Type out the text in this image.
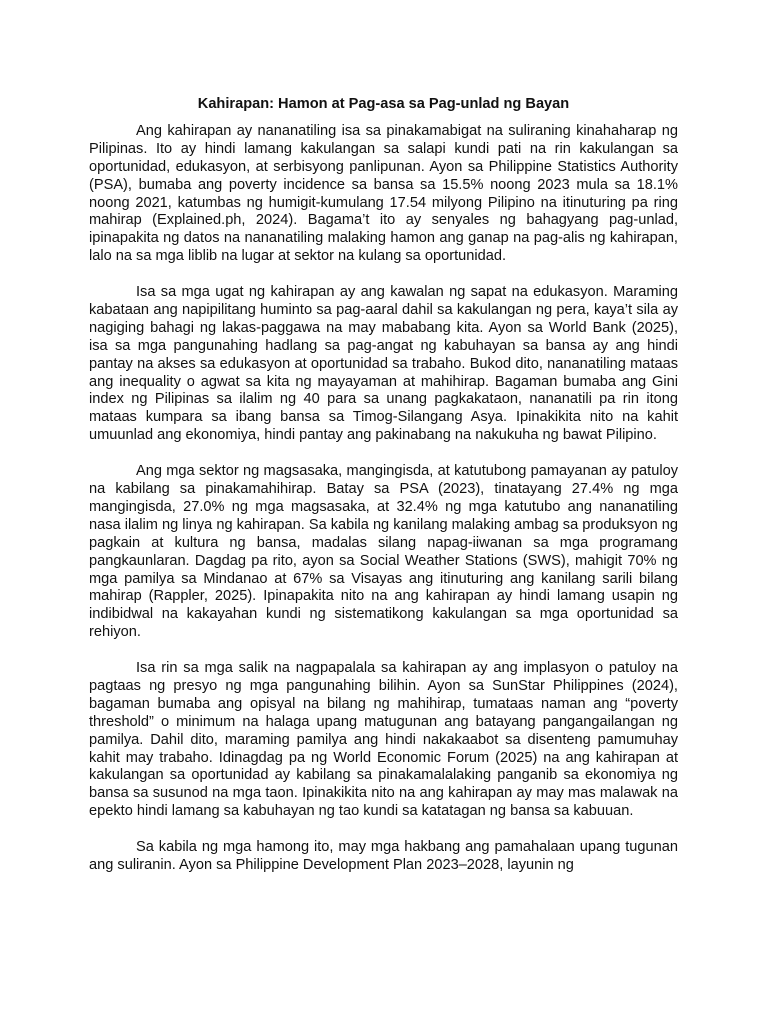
Kahirapan: Hamon at Pag-asa sa Pag-unlad ng Bayan

Ang kahirapan ay nananatiling isa sa pinakamabigat na suliraning kinahaharap ng Pilipinas. Ito ay hindi lamang kakulangan sa salapi kundi pati na rin kakulangan sa oportunidad, edukasyon, at serbisyong panlipunan. Ayon sa Philippine Statistics Authority (PSA), bumaba ang poverty incidence sa bansa sa 15.5% noong 2023 mula sa 18.1% noong 2021, katumbas ng humigit-kumulang 17.54 milyong Pilipino na itinuturing pa ring mahirap (Explained.ph, 2024). Bagama’t ito ay senyales ng bahagyang pag-unlad, ipinapakita ng datos na nananatiling malaking hamon ang ganap na pag-alis ng kahirapan, lalo na sa mga liblib na lugar at sektor na kulang sa oportunidad.

Isa sa mga ugat ng kahirapan ay ang kawalan ng sapat na edukasyon. Maraming kabataan ang napipilitang huminto sa pag-aaral dahil sa kakulangan ng pera, kaya’t sila ay nagiging bahagi ng lakas-paggawa na may mababang kita. Ayon sa World Bank (2025), isa sa mga pangunahing hadlang sa pag-angat ng kabuhayan sa bansa ay ang hindi pantay na akses sa edukasyon at oportunidad sa trabaho. Bukod dito, nananatiling mataas ang inequality o agwat sa kita ng mayayaman at mahihirap. Bagaman bumaba ang Gini index ng Pilipinas sa ilalim ng 40 para sa unang pagkakataon, nananatili pa rin itong mataas kumpara sa ibang bansa sa Timog-Silangang Asya. Ipinakikita nito na kahit umuunlad ang ekonomiya, hindi pantay ang pakinabang na nakukuha ng bawat Pilipino.

Ang mga sektor ng magsasaka, mangingisda, at katutubong pamayanan ay patuloy na kabilang sa pinakamahihirap. Batay sa PSA (2023), tinatayang 27.4% ng mga mangingisda, 27.0% ng mga magsasaka, at 32.4% ng mga katutubo ang nananatiling nasa ilalim ng linya ng kahirapan. Sa kabila ng kanilang malaking ambag sa produksyon ng pagkain at kultura ng bansa, madalas silang napag-iiwanan sa mga programang pangkaunlaran. Dagdag pa rito, ayon sa Social Weather Stations (SWS), mahigit 70% ng mga pamilya sa Mindanao at 67% sa Visayas ang itinuturing ang kanilang sarili bilang mahirap (Rappler, 2025). Ipinapakita nito na ang kahirapan ay hindi lamang usapin ng indibidwal na kakayahan kundi ng sistematikong kakulangan sa mga oportunidad sa rehiyon.

Isa rin sa mga salik na nagpapalala sa kahirapan ay ang implasyon o patuloy na pagtaas ng presyo ng mga pangunahing bilihin. Ayon sa SunStar Philippines (2024), bagaman bumaba ang opisyal na bilang ng mahihirap, tumataas naman ang “poverty threshold” o minimum na halaga upang matugunan ang batayang pangangailangan ng pamilya. Dahil dito, maraming pamilya ang hindi nakakaabot sa disenteng pamumuhay kahit may trabaho. Idinagdag pa ng World Economic Forum (2025) na ang kahirapan at kakulangan sa oportunidad ay kabilang sa pinakamalalaking panganib sa ekonomiya ng bansa sa susunod na mga taon. Ipinakikita nito na ang kahirapan ay may mas malawak na epekto hindi lamang sa kabuhayan ng tao kundi sa katatagan ng bansa sa kabuuan.

Sa kabila ng mga hamong ito, may mga hakbang ang pamahalaan upang tugunan ang suliranin. Ayon sa Philippine Development Plan 2023–2028, layunin ng
